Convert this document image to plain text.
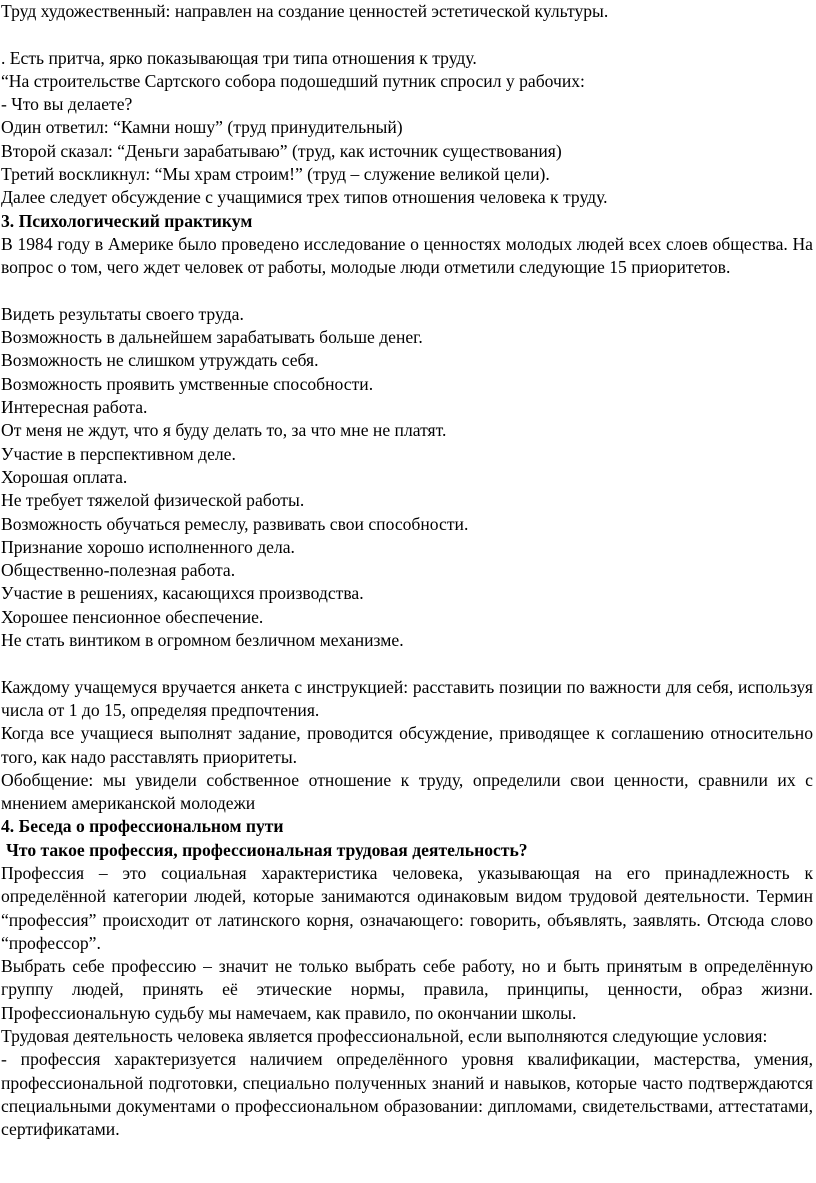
Труд художественный: направлен на создание ценностей эстетической культуры.

. Есть притча, ярко показывающая три типа отношения к труду.

“На строительстве Сартского собора подошедший путник спросил у рабочих:

- Что вы делаете?

Один ответил: “Камни ношу” (труд принудительный)

Второй сказал: “Деньги зарабатываю” (труд, как источник существования)

Третий воскликнул: “Мы храм строим!” (труд – служение великой цели).

Далее следует обсуждение с учащимися трех типов отношения человека к труду.

3. Психологический практикум

В 1984 году в Америке было проведено исследование о ценностях молодых людей всех слоев общества. На вопрос о том, чего ждет человек от работы, молодые люди отметили следующие 15 приоритетов.

Видеть результаты своего труда.
Возможность в дальнейшем зарабатывать больше денег.
Возможность не слишком утруждать себя.
Возможность проявить умственные способности.
Интересная работа.
От меня не ждут, что я буду делать то, за что мне не платят.
Участие в перспективном деле.
Хорошая оплата.
Не требует тяжелой физической работы.
Возможность обучаться ремеслу, развивать свои способности.
Признание хорошо исполненного дела.
Общественно-полезная работа.
Участие в решениях, касающихся производства.
Хорошее пенсионное обеспечение.
Не стать винтиком в огромном безличном механизме.

Каждому учащемуся вручается анкета с инструкцией: расставить позиции по важности для себя, используя числа от 1 до 15, определяя предпочтения.

Когда все учащиеся выполнят задание, проводится обсуждение, приводящее к соглашению относительно того, как надо расставлять приоритеты.

Обобщение: мы увидели собственное отношение к труду, определили свои ценности, сравнили их с мнением американской молодежи

4. Беседа о профессиональном пути

Что такое профессия, профессиональная трудовая деятельность?

Профессия – это социальная характеристика человека, указывающая на его принадлежность к определённой категории людей, которые занимаются одинаковым видом трудовой деятельности. Термин “профессия” происходит от латинского корня, означающего: говорить, объявлять, заявлять. Отсюда слово “профессор”.

Выбрать себе профессию – значит не только выбрать себе работу, но и быть принятым в определённую группу людей, принять её этические нормы, правила, принципы, ценности, образ жизни. Профессиональную судьбу мы намечаем, как правило, по окончании школы.

Трудовая деятельность человека является профессиональной, если выполняются следующие условия:

- профессия характеризуется наличием определённого уровня квалификации, мастерства, умения, профессиональной подготовки, специально полученных знаний и навыков, которые часто подтверждаются специальными документами о профессиональном образовании: дипломами, свидетельствами, аттестатами, сертификатами.
